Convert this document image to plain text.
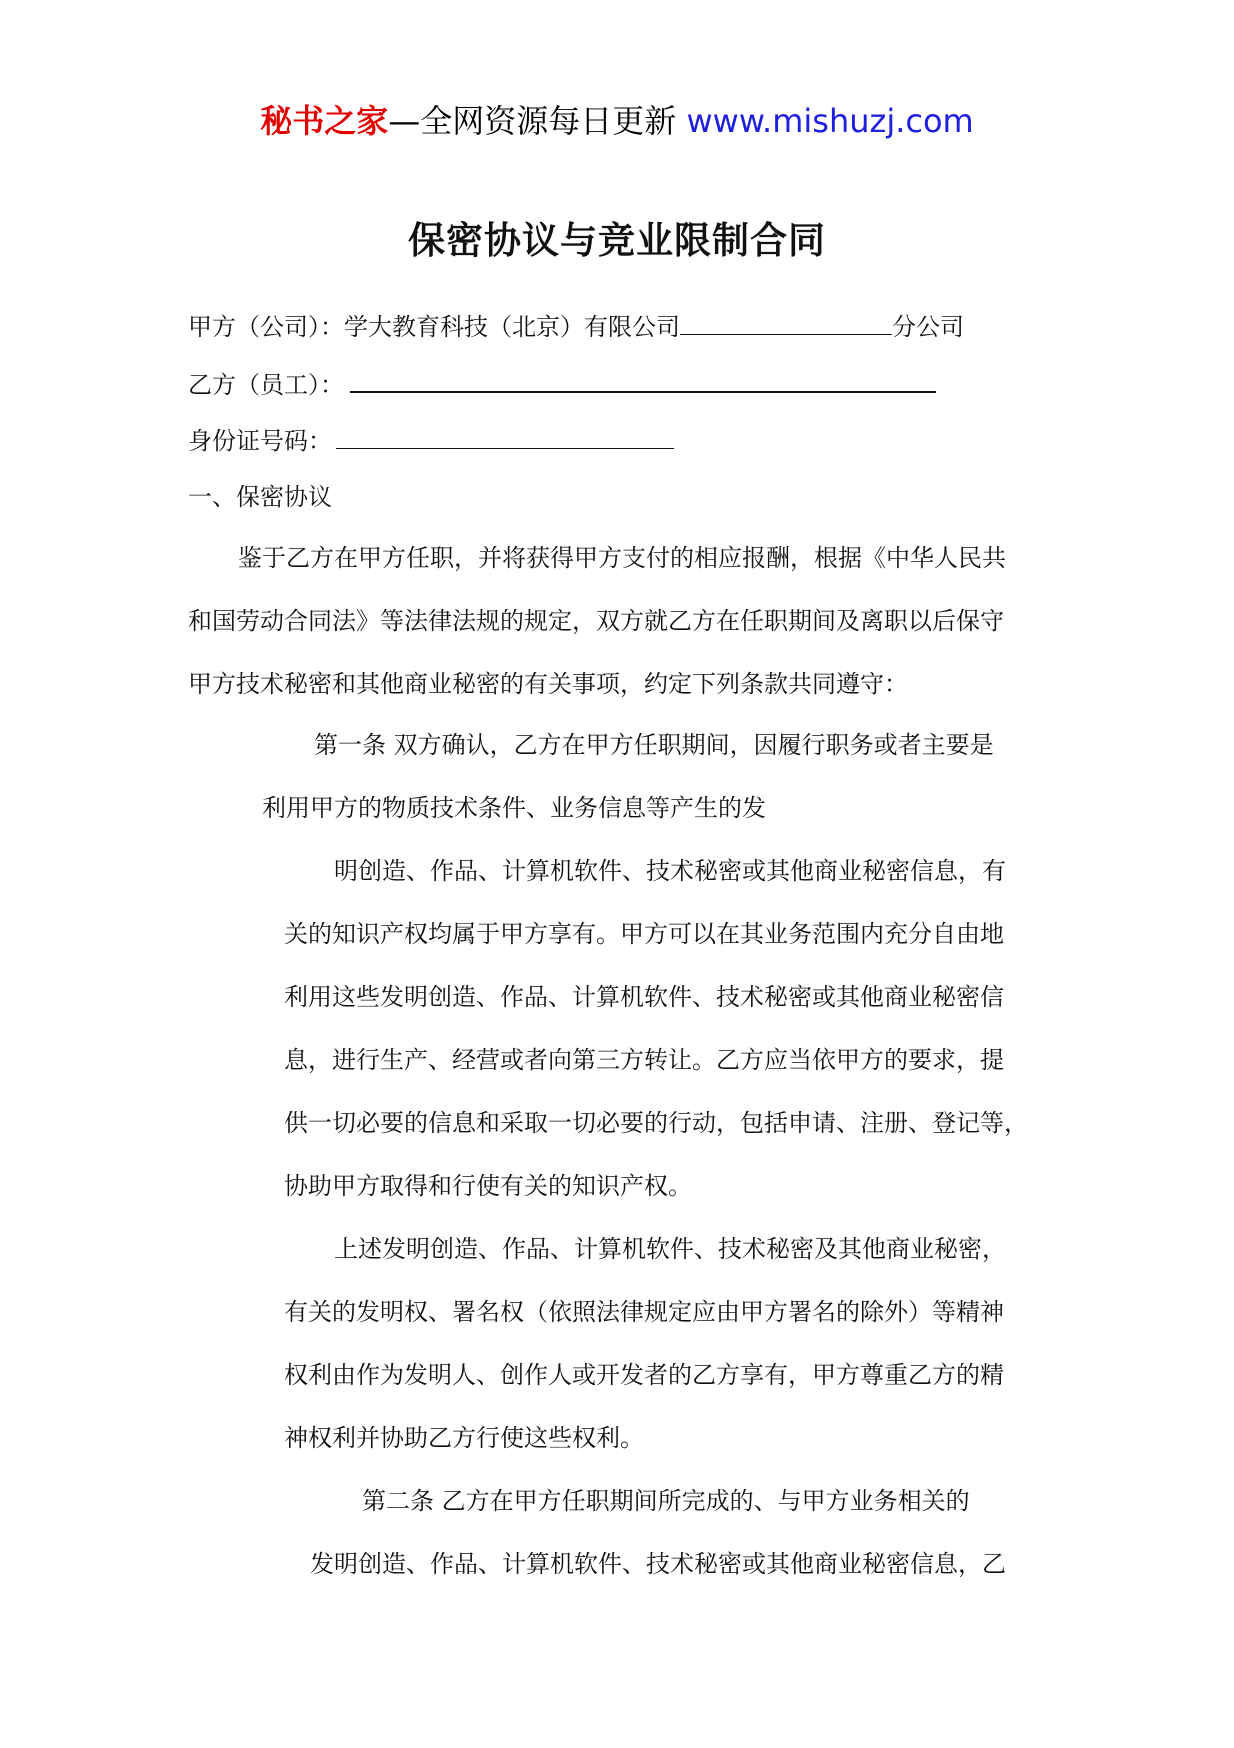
秘书之家—全网资源每日更新 www.mishuzj.com
保密协议与竞业限制合同
甲方（公司）：学大教育科技（北京）有限公司	分公司
乙方（员工）：
身份证号码：
一、保密协议
鉴于乙方在甲方任职，并将获得甲方支付的相应报酬，根据《中华人民共
和国劳动合同法》等法律法规的规定，双方就乙方在任职期间及离职以后保守
甲方技术秘密和其他商业秘密的有关事项，约定下列条款共同遵守：
第一条 双方确认，乙方在甲方任职期间，因履行职务或者主要是
利用甲方的物质技术条件、业务信息等产生的发
明创造、作品、计算机软件、技术秘密或其他商业秘密信息，有
关的知识产权均属于甲方享有。甲方可以在其业务范围内充分自由地
利用这些发明创造、作品、计算机软件、技术秘密或其他商业秘密信
息，进行生产、经营或者向第三方转让。乙方应当依甲方的要求，提
供一切必要的信息和采取一切必要的行动，包括申请、注册、登记等，
协助甲方取得和行使有关的知识产权。
上述发明创造、作品、计算机软件、技术秘密及其他商业秘密，
有关的发明权、署名权（依照法律规定应由甲方署名的除外）等精神
权利由作为发明人、创作人或开发者的乙方享有，甲方尊重乙方的精
神权利并协助乙方行使这些权利。
第二条 乙方在甲方任职期间所完成的、与甲方业务相关的
发明创造、作品、计算机软件、技术秘密或其他商业秘密信息，乙
